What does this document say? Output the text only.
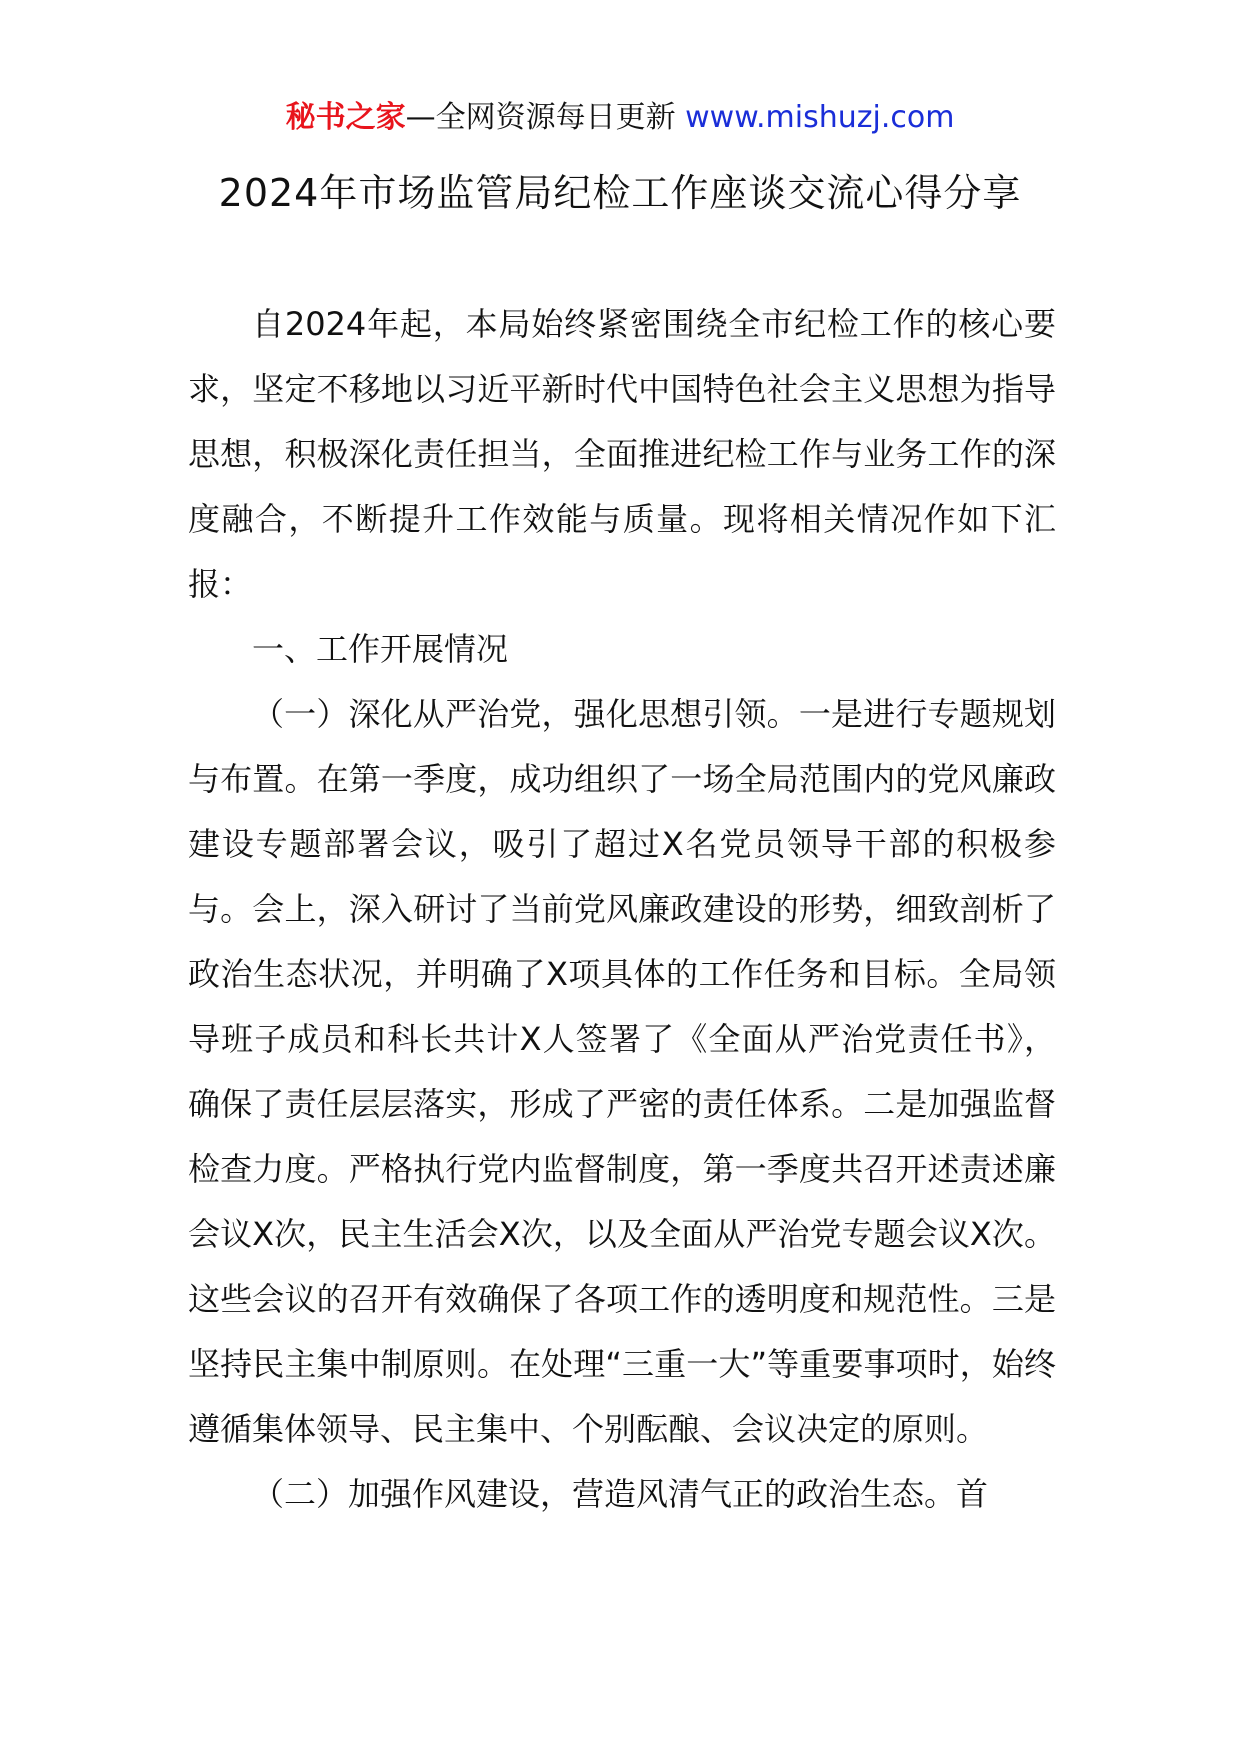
秘书之家—全网资源每日更新 www.mishuzj.com
2024年市场监管局纪检工作座谈交流心得分享

自2024年起，本局始终紧密围绕全市纪检工作的核心要求，坚定不移地以习近平新时代中国特色社会主义思想为指导思想，积极深化责任担当，全面推进纪检工作与业务工作的深度融合，不断提升工作效能与质量。现将相关情况作如下汇报：

一、工作开展情况

（一）深化从严治党，强化思想引领。一是进行专题规划与布置。在第一季度，成功组织了一场全局范围内的党风廉政建设专题部署会议，吸引了超过X名党员领导干部的积极参与。会上，深入研讨了当前党风廉政建设的形势，细致剖析了政治生态状况，并明确了X项具体的工作任务和目标。全局领导班子成员和科长共计X人签署了《全面从严治党责任书》，确保了责任层层落实，形成了严密的责任体系。二是加强监督检查力度。严格执行党内监督制度，第一季度共召开述责述廉会议X次，民主生活会X次，以及全面从严治党专题会议X次。这些会议的召开有效确保了各项工作的透明度和规范性。三是坚持民主集中制原则。在处理“三重一大”等重要事项时，始终遵循集体领导、民主集中、个别酝酿、会议决定的原则。

（二）加强作风建设，营造风清气正的政治生态。首
